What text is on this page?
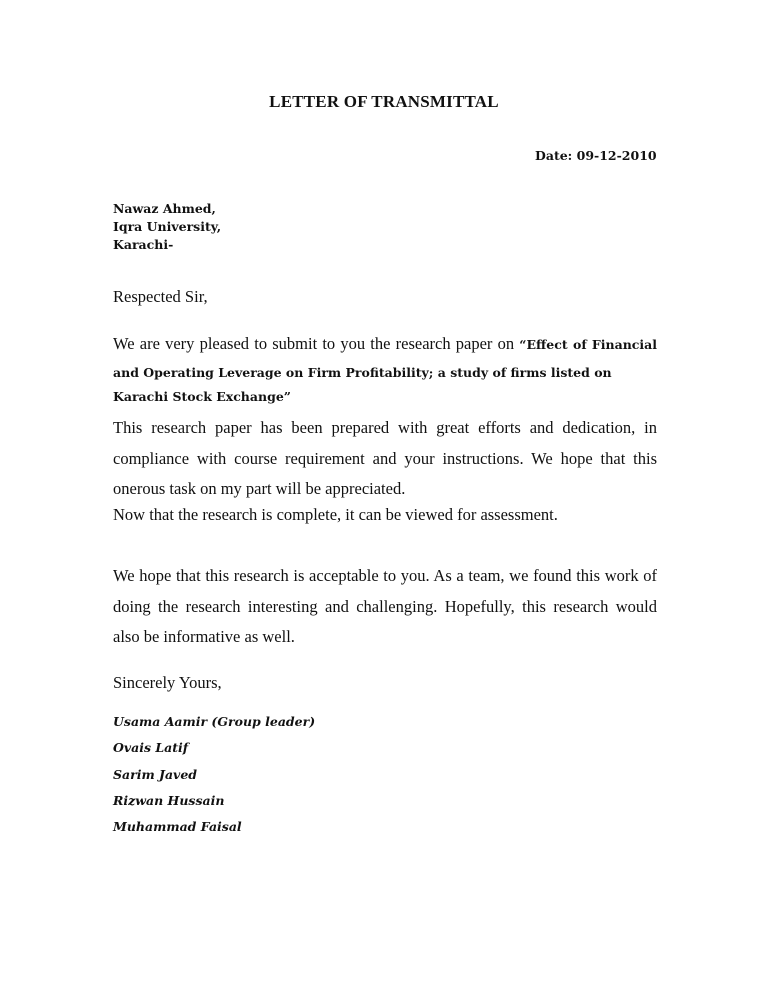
LETTER OF TRANSMITTAL
Date: 09-12-2010
Nawaz Ahmed,
Iqra University,
Karachi-
Respected Sir,
We are very pleased to submit to you the research paper on “Effect of Financial and Operating Leverage on Firm Profitability; a study of firms listed on
Karachi Stock Exchange”
This research paper has been prepared with great efforts and dedication, in compliance with course requirement and your instructions. We hope that this onerous task on my part will be appreciated.
Now that the research is complete, it can be viewed for assessment.
We hope that this research is acceptable to you. As a team, we found this work of doing the research interesting and challenging. Hopefully, this research would also be informative as well.
Sincerely Yours,
Usama Aamir (Group leader)
Ovais Latif
Sarim Javed
Rizwan Hussain
Muhammad Faisal
